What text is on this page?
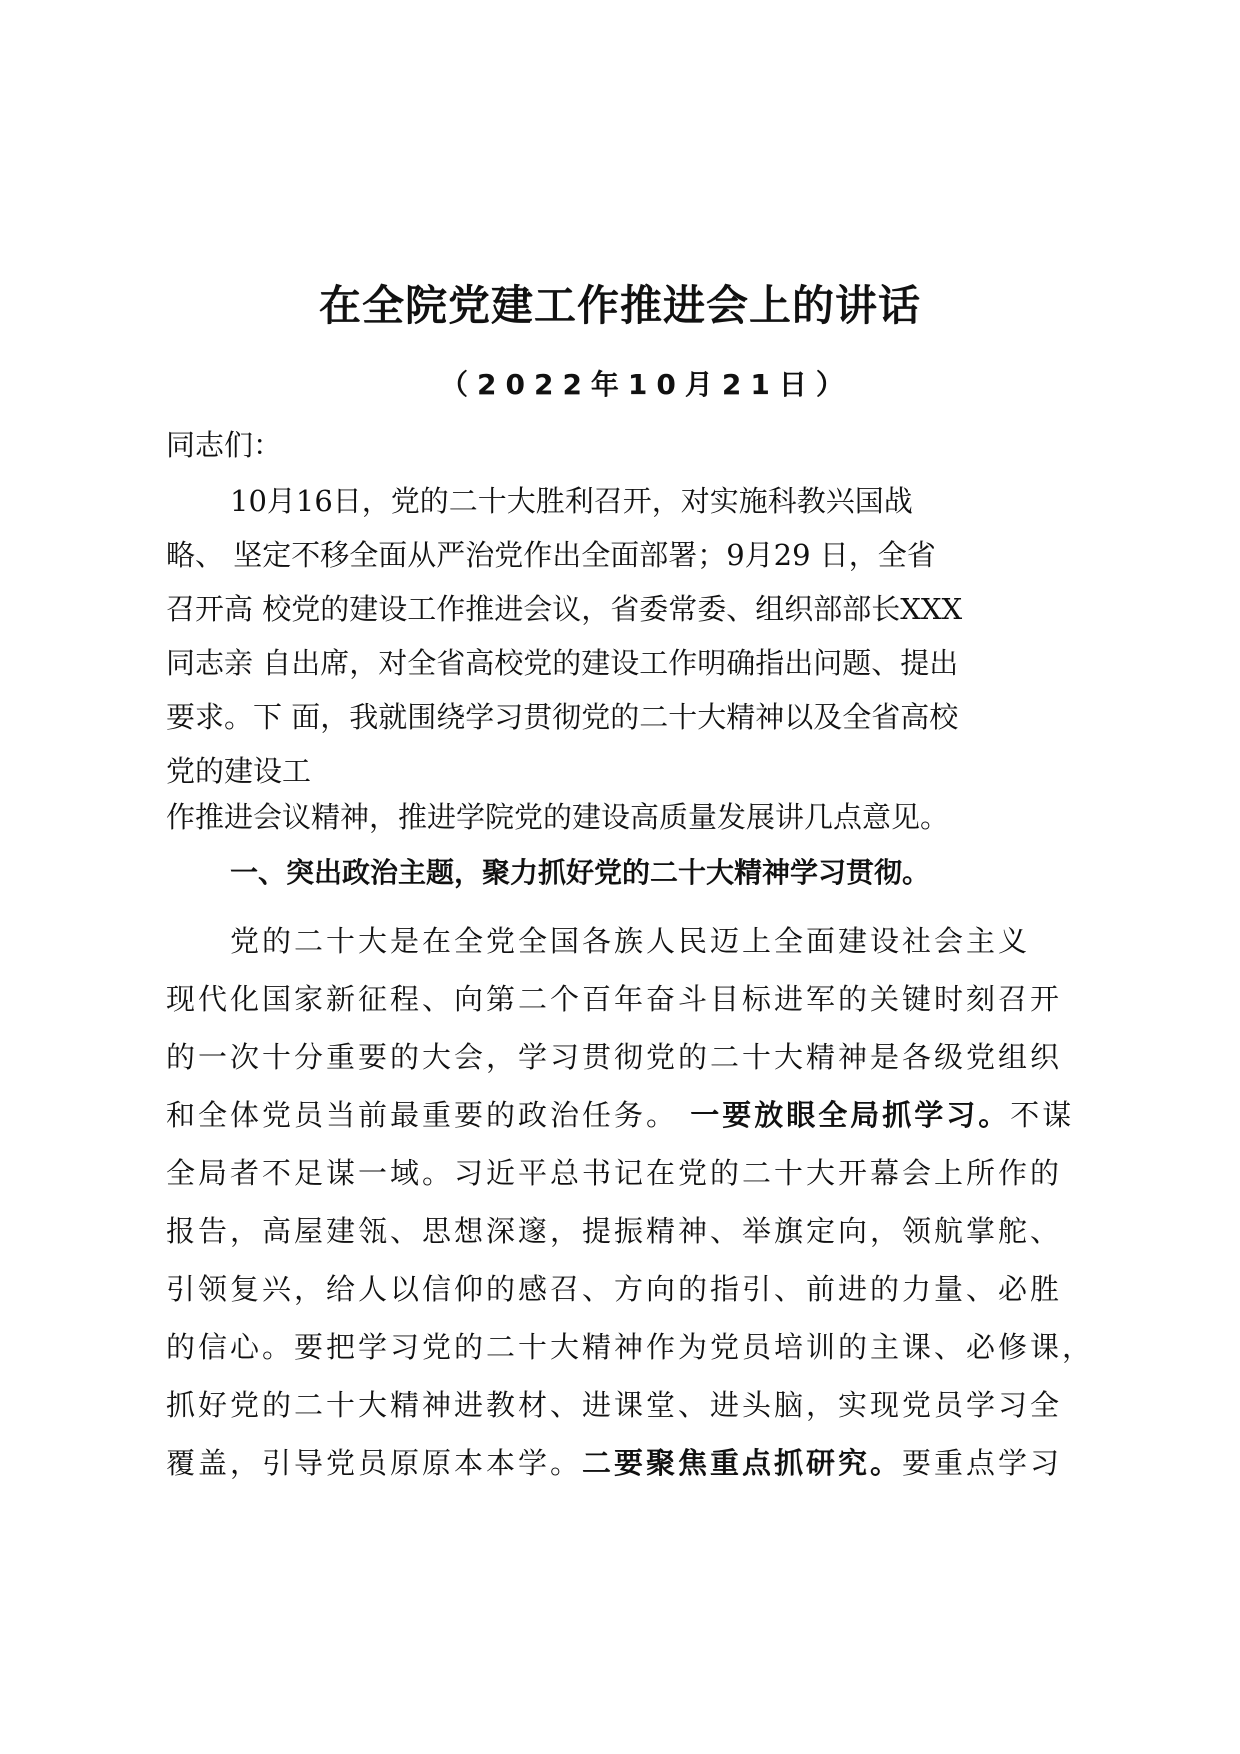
在全院党建工作推进会上的讲话
（2022年10月21日）
同志们：
10月16日，党的二十大胜利召开，对实施科教兴国战
略、 坚定不移全面从严治党作出全面部署；9月29 日，全省
召开高 校党的建设工作推进会议，省委常委、组织部部长XXX
同志亲 自出席，对全省高校党的建设工作明确指出问题、提出
要求。下 面，我就围绕学习贯彻党的二十大精神以及全省高校
党的建设工
作推进会议精神，推进学院党的建设高质量发展讲几点意见。
一、突出政治主题，聚力抓好党的二十大精神学习贯彻。
党的二十大是在全党全国各族人民迈上全面建设社会主义
现代化国家新征程、向第二个百年奋斗目标进军的关键时刻召开
的一次十分重要的大会，学习贯彻党的二十大精神是各级党组织
和全体党员当前最重要的政治任务。 一要放眼全局抓学习。不谋
全局者不足谋一域。习近平总书记在党的二十大开幕会上所作的
报告，高屋建瓴、思想深邃，提振精神、举旗定向，领航掌舵、
引领复兴，给人以信仰的感召、方向的指引、前进的力量、必胜
的信心。要把学习党的二十大精神作为党员培训的主课、必修课，
抓好党的二十大精神进教材、进课堂、进头脑，实现党员学习全
覆盖，引导党员原原本本学。二要聚焦重点抓研究。要重点学习
